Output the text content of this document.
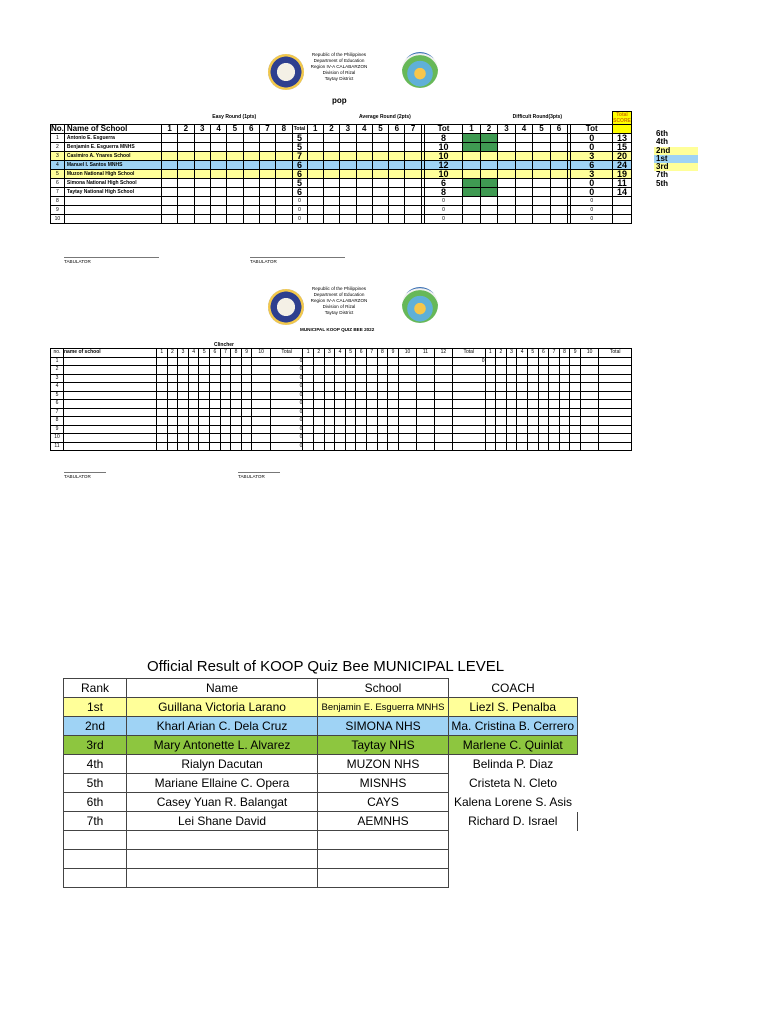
Republic of the Philippines
Department of Education
Region IV-A CALABARZON
Division of Rizal
Taytay District
pop
		Easy Round (1pts)									Average Round (2pts)									Difficult Round(3pts)								Total SCORE
No.	Name of School	1	2	3	4	5	6	7	8	Total	1	2	3	4	5	6	7		Tot	1	2	3	4	5	6		Tot	
1	Antonio E. Esguerra									5									8								0	13
2	Benjamin E. Esguerra MNHS									5									10								0	15
3	Casimiro A. Ynares School									7									10								3	20
4	Manuel I. Santos MNHS									6									12								6	24
5	Muzon National High School									6									10								3	19
6	Simona National High School									5									6								0	11
7	Taytay National High School									6									8								0	14
8										0									0								0	
9										0									0								0	
10										0									0								0	
6th
4th
2nd
1st
3rd
7th
5th
TABULATOR	TABULATOR
Republic of the Philippines
Department of Education
Region IV-A CALABARZON
Division of Rizal
Taytay District
MUNICIPAL KOOP QUIZ BEE 2022
Clincher
no.	name of school	1	2	3	4	5	6	7	8	9	10	Total	1	2	3	4	5	6	7	8	9	10	11	12	Total	1	2	3	4	5	6	7	8	9	10	Total
1												0													0											
2												0																								
3												0																								
4												0																								
5												0																								
6												0																								
7												0																								
8												0																								
9												0																								
10												0																								
11												0																								
TABULATOR	TABULATOR
Official Result of KOOP Quiz Bee MUNICIPAL LEVEL
Rank	Name	School	COACH
1st	Guillana Victoria Larano	Benjamin E. Esguerra MNHS	Liezl S. Penalba
2nd	Kharl Arian C. Dela Cruz	SIMONA NHS	Ma. Cristina B. Cerrero
3rd	Mary Antonette L. Alvarez	Taytay NHS	Marlene C. Quinlat
4th	Rialyn Dacutan	MUZON NHS	Belinda P. Diaz
5th	Mariane Ellaine C. Opera	MISNHS	Cristeta N. Cleto
6th	Casey Yuan R. Balangat	CAYS	Kalena Lorene S. Asis
7th	Lei Shane David	AEMNHS	Richard D. Israel
